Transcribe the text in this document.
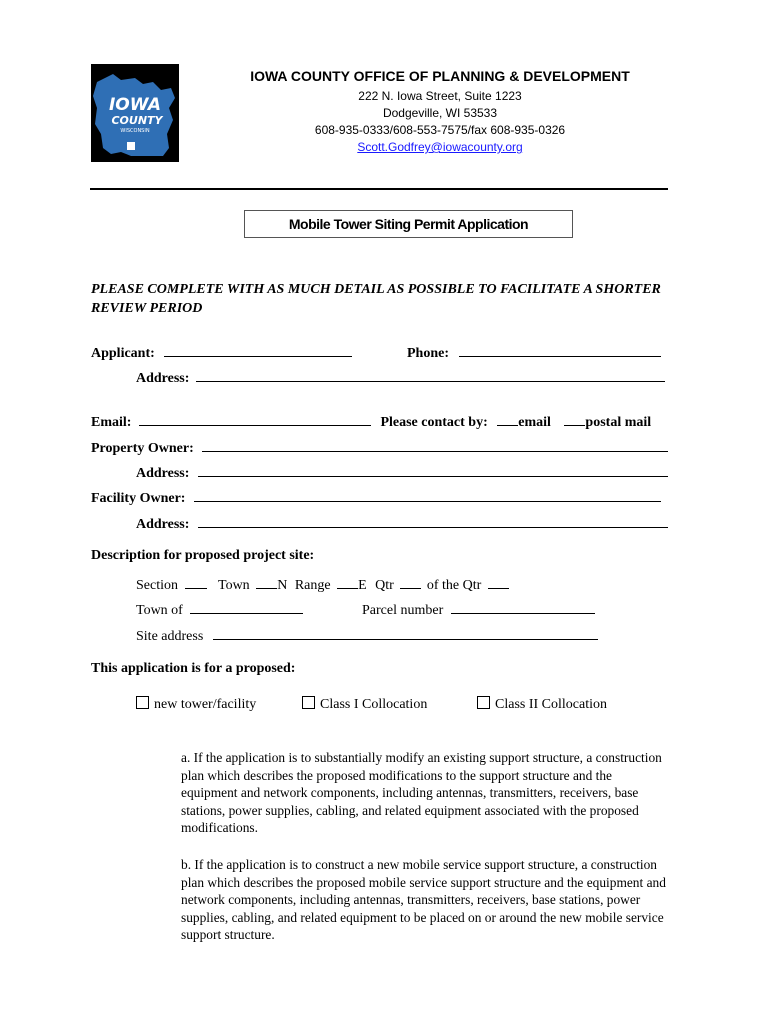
IOWA
COUNTY
WISCONSIN
IOWA COUNTY OFFICE OF PLANNING & DEVELOPMENT
222 N. Iowa Street, Suite 1223
Dodgeville, WI 53533
608-935-0333/608-553-7575/fax 608-935-0326
Scott.Godfrey@iowacounty.org
Mobile Tower Siting Permit Application
PLEASE COMPLETE WITH AS MUCH DETAIL AS POSSIBLE TO FACILITATE A SHORTER REVIEW PERIOD
Applicant:	Phone:
Address:
Email:	Please contact by: email postal mail
Property Owner:
Address:
Facility Owner:
Address:
Description for proposed project site:
Section	Town N Range E Qtr of the Qtr
Town of	Parcel number
Site address
This application is for a proposed:
new tower/facility	Class I Collocation	Class II Collocation
a. If the application is to substantially modify an existing support structure, a construction plan which describes the proposed modifications to the support structure and the equipment and network components, including antennas, transmitters, receivers, base stations, power supplies, cabling, and related equipment associated with the proposed modifications.
b. If the application is to construct a new mobile service support structure, a construction plan which describes the proposed mobile service support structure and the equipment and network components, including antennas, transmitters, receivers, base stations, power supplies, cabling, and related equipment to be placed on or around the new mobile service support structure.
